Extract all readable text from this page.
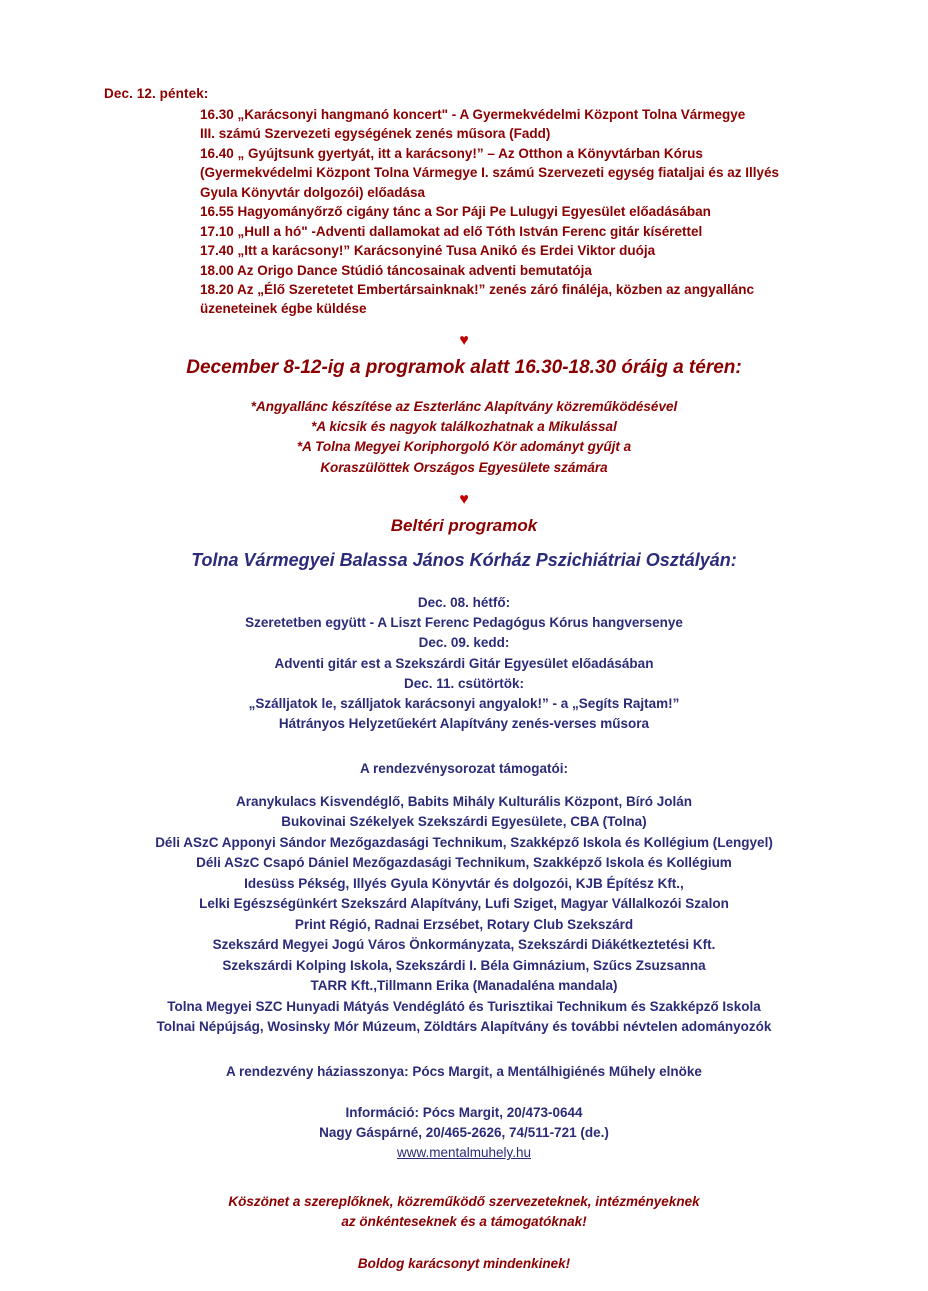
Dec. 12. péntek:
16.30 „Karácsonyi hangmanó koncert" - A Gyermekvédelmi Központ Tolna Vármegye
III. számú Szervezeti egységének zenés műsora (Fadd)
16.40 „ Gyújtsunk gyertyát, itt a karácsony!” – Az Otthon a Könyvtárban Kórus
(Gyermekvédelmi Központ Tolna Vármegye I. számú Szervezeti egység fiataljai és az Illyés
Gyula Könyvtár dolgozói) előadása
16.55 Hagyományőrző cigány tánc a Sor Páji Pe Lulugyi Egyesület előadásában
17.10 „Hull a hó" -Adventi dallamokat ad elő Tóth István Ferenc gitár kísérettel
17.40 „Itt a karácsony!” Karácsonyiné Tusa Anikó és Erdei Viktor duója
18.00 Az Origo Dance Stúdió táncosainak adventi bemutatója
18.20 Az „Élő Szeretetet Embertársainknak!” zenés záró fináléja, közben az angyallánc
üzeneteinek égbe küldése
♥
December 8-12-ig a programok alatt 16.30-18.30 óráig a téren:
*Angyallánc készítése az Eszterlánc Alapítvány közreműködésével
*A kicsik és nagyok találkozhatnak a Mikulással
*A Tolna Megyei Koriphorgoló Kör adományt gyűjt a
Koraszülöttek Országos Egyesülete számára
♥
Beltéri programok
Tolna Vármegyei Balassa János Kórház Pszichiátriai Osztályán:
Dec. 08. hétfő:
Szeretetben együtt - A Liszt Ferenc Pedagógus Kórus hangversenye
Dec. 09. kedd:
Adventi gitár est a Szekszárdi Gitár Egyesület előadásában
Dec. 11. csütörtök:
„Szálljatok le, szálljatok karácsonyi angyalok!” - a „Segíts Rajtam!”
Hátrányos Helyzetűekért Alapítvány zenés-verses műsora
A rendezvénysorozat támogatói:
Aranykulacs Kisvendéglő, Babits Mihály Kulturális Központ, Bíró Jolán
Bukovinai Székelyek Szekszárdi Egyesülete, CBA (Tolna)
Déli ASzC Apponyi Sándor Mezőgazdasági Technikum, Szakképző Iskola és Kollégium (Lengyel)
Déli ASzC Csapó Dániel Mezőgazdasági Technikum, Szakképző Iskola és Kollégium
Idesüss Pékség, Illyés Gyula Könyvtár és dolgozói, KJB Építész Kft.,
Lelki Egészségünkért Szekszárd Alapítvány, Lufi Sziget, Magyar Vállalkozói Szalon
Print Régió, Radnai Erzsébet, Rotary Club Szekszárd
Szekszárd Megyei Jogú Város Önkormányzata, Szekszárdi Diákétkeztetési Kft.
Szekszárdi Kolping Iskola, Szekszárdi I. Béla Gimnázium, Szűcs Zsuzsanna
TARR Kft.,Tillmann Erika (Manadaléna mandala)
Tolna Megyei SZC Hunyadi Mátyás Vendéglátó és Turisztikai Technikum és Szakképző Iskola
Tolnai Népújság, Wosinsky Mór Múzeum, Zöldtárs Alapítvány és további névtelen adományozók
A rendezvény háziasszonya: Pócs Margit, a Mentálhigiénés Műhely elnöke
Információ: Pócs Margit, 20/473-0644
Nagy Gáspárné, 20/465-2626, 74/511-721 (de.)
www.mentalmuhely.hu
Köszönet a szereplőknek, közreműködő szervezeteknek, intézményeknek
az önkénteseknek és a támogatóknak!
Boldog karácsonyt mindenkinek!
